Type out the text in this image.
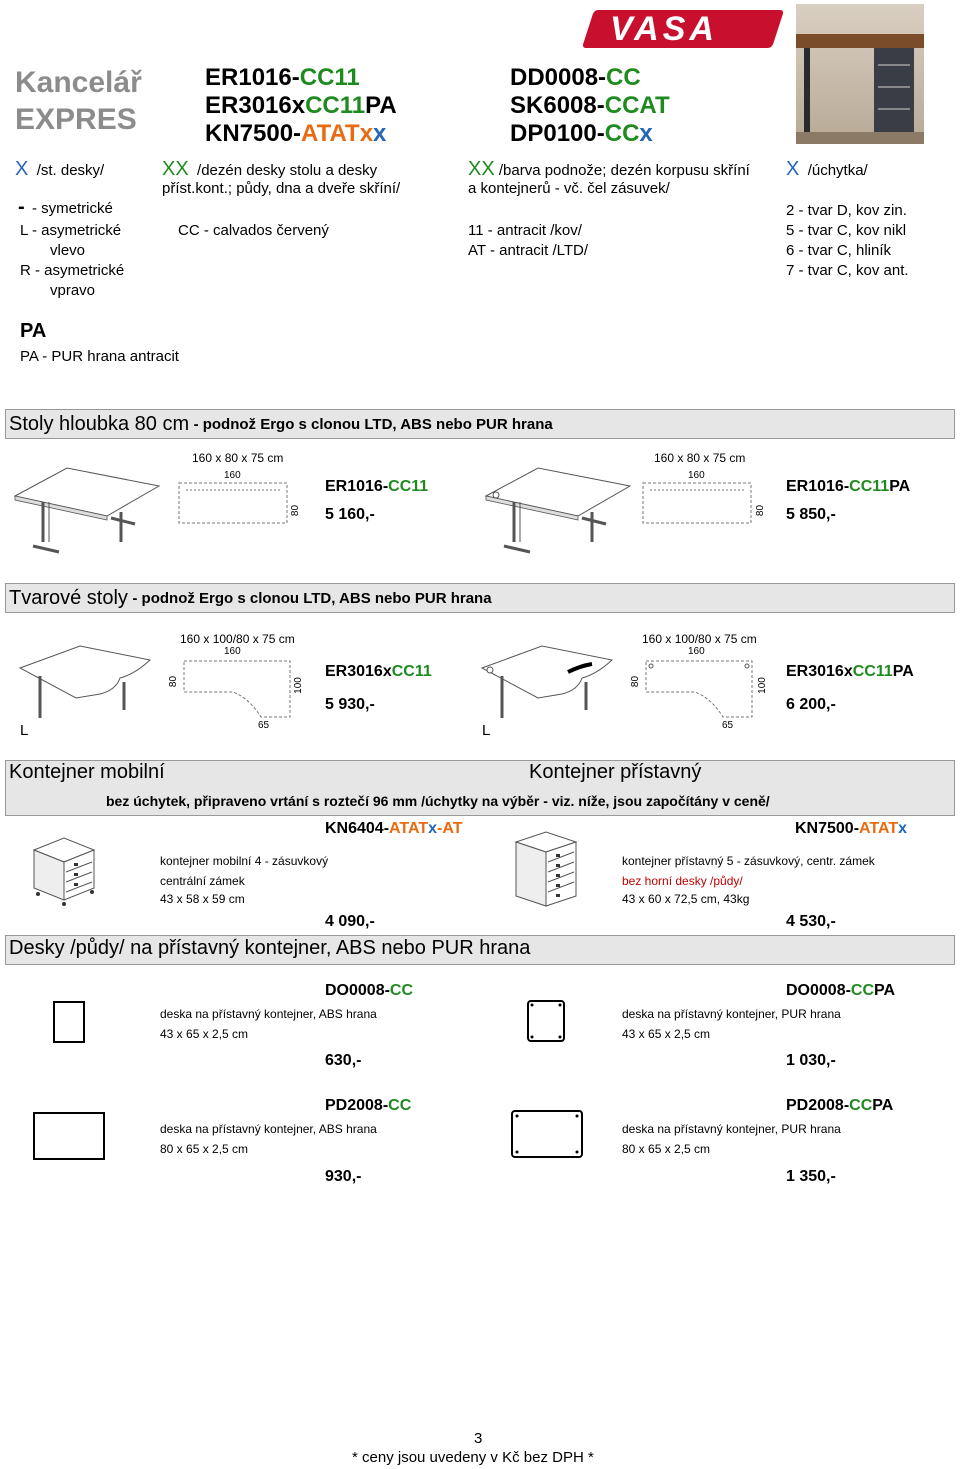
Kancelář
EXPRES
ER1016-CC11
ER3016xCC11PA
KN7500-ATATxx
DD0008-CC
SK6008-CCAT
DP0100-CCx
VASA	®
X /st. desky/
- - symetrické
L - asymetrické
vlevo
R - asymetrické
vpravo
XX /dezén desky stolu a desky
příst.kont.; půdy, dna a dveře skříní/
CC - calvados červený
XX /barva podnože; dezén korpusu skříní
a kontejnerů - vč. čel zásuvek/
11 - antracit /kov/
AT - antracit /LTD/
X /úchytka/
2 - tvar D, kov zin.
5 - tvar C, kov nikl
6 - tvar C, hliník
7 - tvar C, kov ant.
PA
PA - PUR hrana antracit
Stoly hloubka 80 cm - podnož Ergo s clonou LTD, ABS nebo PUR hrana
160 x 80 x 75 cm
160
80
ER1016-CC11
5 160,-
160 x 80 x 75 cm
160
80
ER1016-CC11PA
5 850,-
Tvarové stoly - podnož Ergo s clonou LTD, ABS nebo PUR hrana
L
160 x 100/80 x 75 cm
160
80	100
65
ER3016xCC11
5 930,-
L
160 x 100/80 x 75 cm
160
80	100
65
ER3016xCC11PA
6 200,-
Kontejner mobilní	Kontejner přístavný
bez úchytek, připraveno vrtání s roztečí 96 mm /úchytky na výběr - viz. níže, jsou započítány v ceně/
KN6404-ATATx-AT
kontejner mobilní 4 - zásuvkový
centrální zámek
43 x 58 x 59 cm
4 090,-
KN7500-ATATx
kontejner přístavný 5 - zásuvkový, centr. zámek
bez horní desky /půdy/
43 x 60 x 72,5 cm, 43kg
4 530,-
Desky /půdy/ na přístavný kontejner, ABS nebo PUR hrana
DO0008-CC
deska na přístavný kontejner, ABS hrana
43 x 65 x 2,5 cm
630,-
DO0008-CCPA
deska na přístavný kontejner, PUR hrana
43 x 65 x 2,5 cm
1 030,-
PD2008-CC
deska na přístavný kontejner, ABS hrana
80 x 65 x 2,5 cm
930,-
PD2008-CCPA
deska na přístavný kontejner, PUR hrana
80 x 65 x 2,5 cm
1 350,-
3
* ceny jsou uvedeny v Kč bez DPH *
